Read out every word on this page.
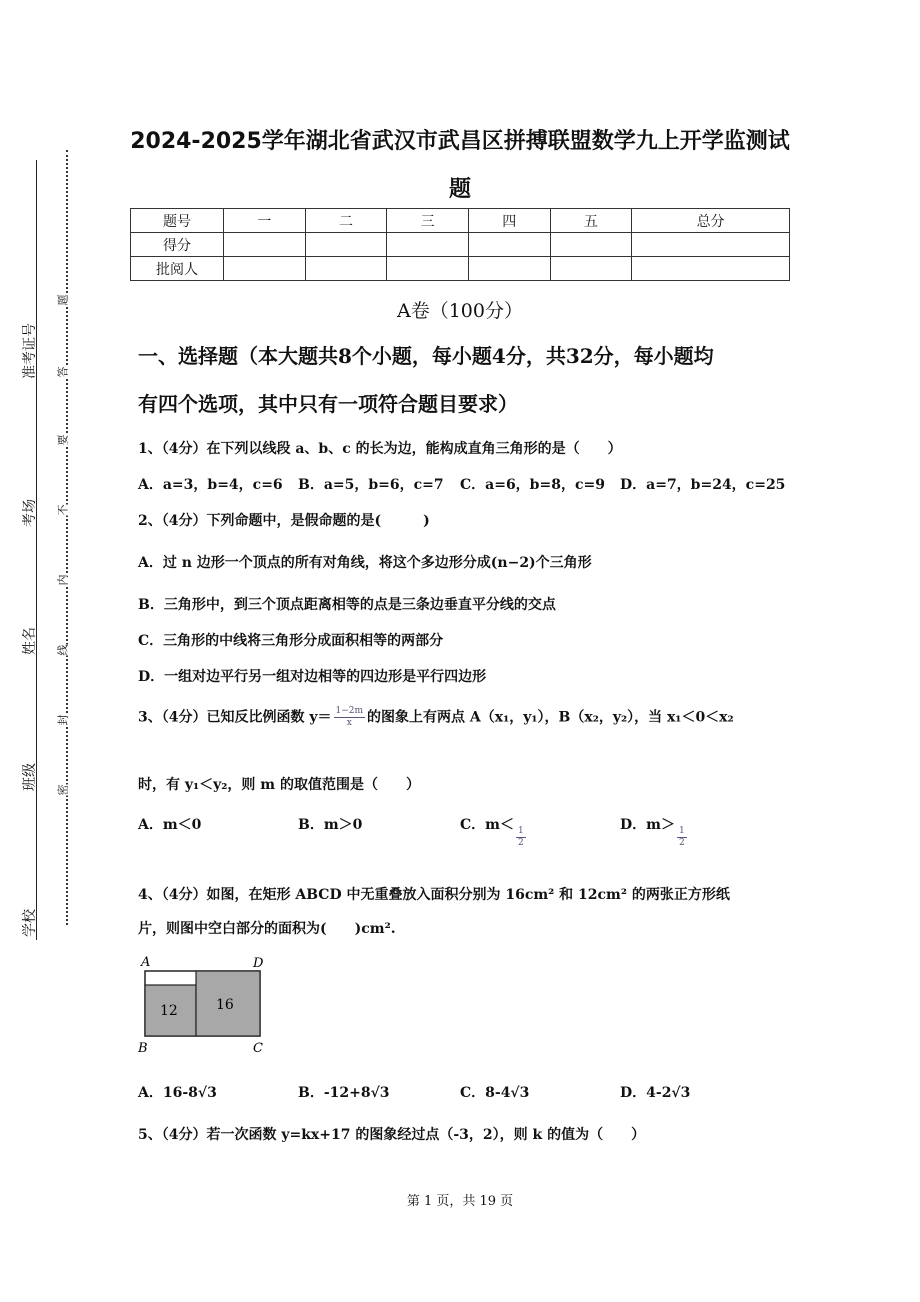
准考证号
考场
姓名
班级
学校
题
答
要
不
内
线
封
密
2024-2025学年湖北省武汉市武昌区拼搏联盟数学九上开学监测试
题
题号	一	二	三	四	五	总分
得分						
批阅人						
A卷（100分）
一、选择题（本大题共8个小题，每小题4分，共32分，每小题均
有四个选项，其中只有一项符合题目要求）
1、（4分）在下列以线段 a、b、c 的长为边，能构成直角三角形的是（　　）
A．a=3，b=4，c=6 B．a=5，b=6，c=7 C．a=6，b=8，c=9 D．a=7，b=24，c=25
2、（4分）下列命题中，是假命题的是(　　　)
A．过 n 边形一个顶点的所有对角线，将这个多边形分成(n−2)个三角形
B．三角形中，到三个顶点距离相等的点是三条边垂直平分线的交点
C．三角形的中线将三角形分成面积相等的两部分
D．一组对边平行另一组对边相等的四边形是平行四边形
3、（4分）已知反比例函数 $y= \frac{1-2m}{x}$ 的图象上有两点 A（x₁，y₁），B（x₂，y₂），当 x₁＜0＜x₂
时，有 y₁＜y₂，则 m 的取值范围是（　　）
A．m＜0	B．m＞0	C．m＜
$\frac{1}{2}$
D．m＞
$\frac{1}{2}$
4、（4分）如图，在矩形 ABCD 中无重叠放入面积分别为 16cm² 和 12cm² 的两张正方形纸
片，则图中空白部分的面积为(　　)cm².
A	D
B	C
12	16
A．16-8√3	B．-12+8√3	C．8-4√3	D．4-2√3
5、（4分）若一次函数 y=kx+17 的图象经过点（-3，2），则 k 的值为（　　）
第 1 页，共 19 页
